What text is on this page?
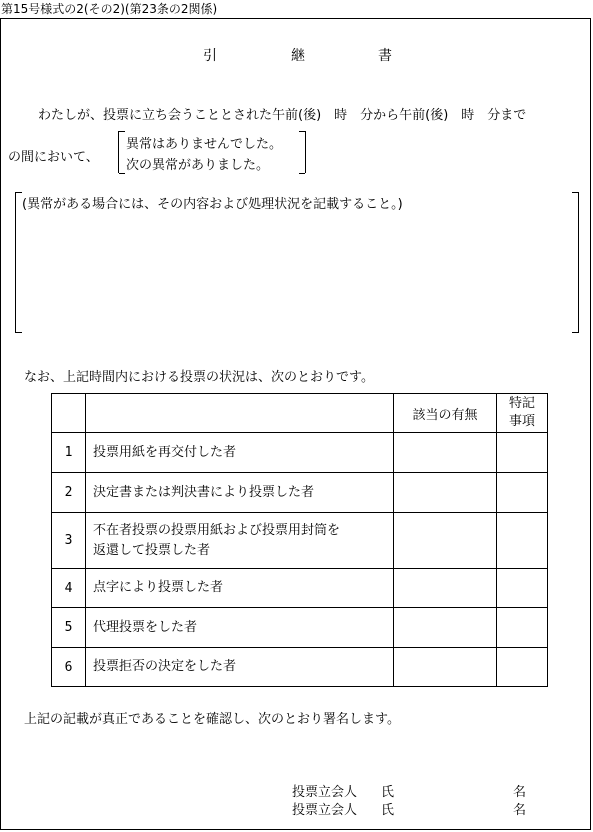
第15号様式の2(その2)(第23条の2関係)
引	継	書
わたしが、投票に立ち会うこととされた午前(後)　時　分から午前(後)　時　分まで
の間において、
異常はありませんでした。
次の異常がありました。
(異常がある場合には、その内容および処理状況を記載すること。)
なお、上記時間内における投票の状況は、次のとおりです。
		該当の有無	特記
事項

1	投票用紙を再交付した者		
2	決定書または判決書により投票した者		
3	不在者投票の投票用紙および投票用封筒を
返還して投票した者		

4	点字により投票した者		
5	代理投票をした者		
6	投票拒否の決定をした者		
上記の記載が真正であることを確認し、次のとおり署名します。
投票立会人 氏	名
投票立会人 氏	名
